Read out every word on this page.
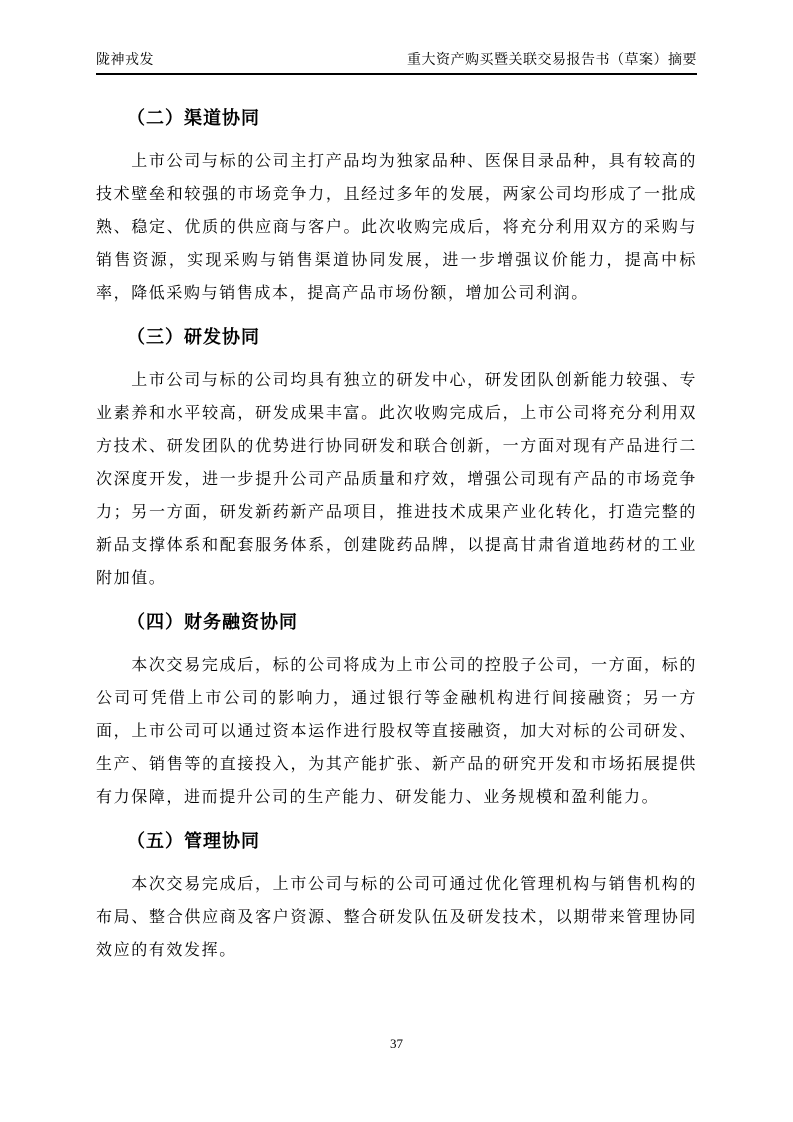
陇神戎发	重大资产购买暨关联交易报告书（草案）摘要
（二）渠道协同

上市公司与标的公司主打产品均为独家品种、医保目录品种，具有较高的技术壁垒和较强的市场竞争力，且经过多年的发展，两家公司均形成了一批成熟、稳定、优质的供应商与客户。此次收购完成后，将充分利用双方的采购与销售资源，实现采购与销售渠道协同发展，进一步增强议价能力，提高中标率，降低采购与销售成本，提高产品市场份额，增加公司利润。

（三）研发协同

上市公司与标的公司均具有独立的研发中心，研发团队创新能力较强、专业素养和水平较高，研发成果丰富。此次收购完成后，上市公司将充分利用双方技术、研发团队的优势进行协同研发和联合创新，一方面对现有产品进行二次深度开发，进一步提升公司产品质量和疗效，增强公司现有产品的市场竞争力；另一方面，研发新药新产品项目，推进技术成果产业化转化，打造完整的新品支撑体系和配套服务体系，创建陇药品牌，以提高甘肃省道地药材的工业附加值。

（四）财务融资协同

本次交易完成后，标的公司将成为上市公司的控股子公司，一方面，标的公司可凭借上市公司的影响力，通过银行等金融机构进行间接融资；另一方面，上市公司可以通过资本运作进行股权等直接融资，加大对标的公司研发、生产、销售等的直接投入，为其产能扩张、新产品的研究开发和市场拓展提供有力保障，进而提升公司的生产能力、研发能力、业务规模和盈利能力。

（五）管理协同

本次交易完成后，上市公司与标的公司可通过优化管理机构与销售机构的布局、整合供应商及客户资源、整合研发队伍及研发技术，以期带来管理协同效应的有效发挥。

37
